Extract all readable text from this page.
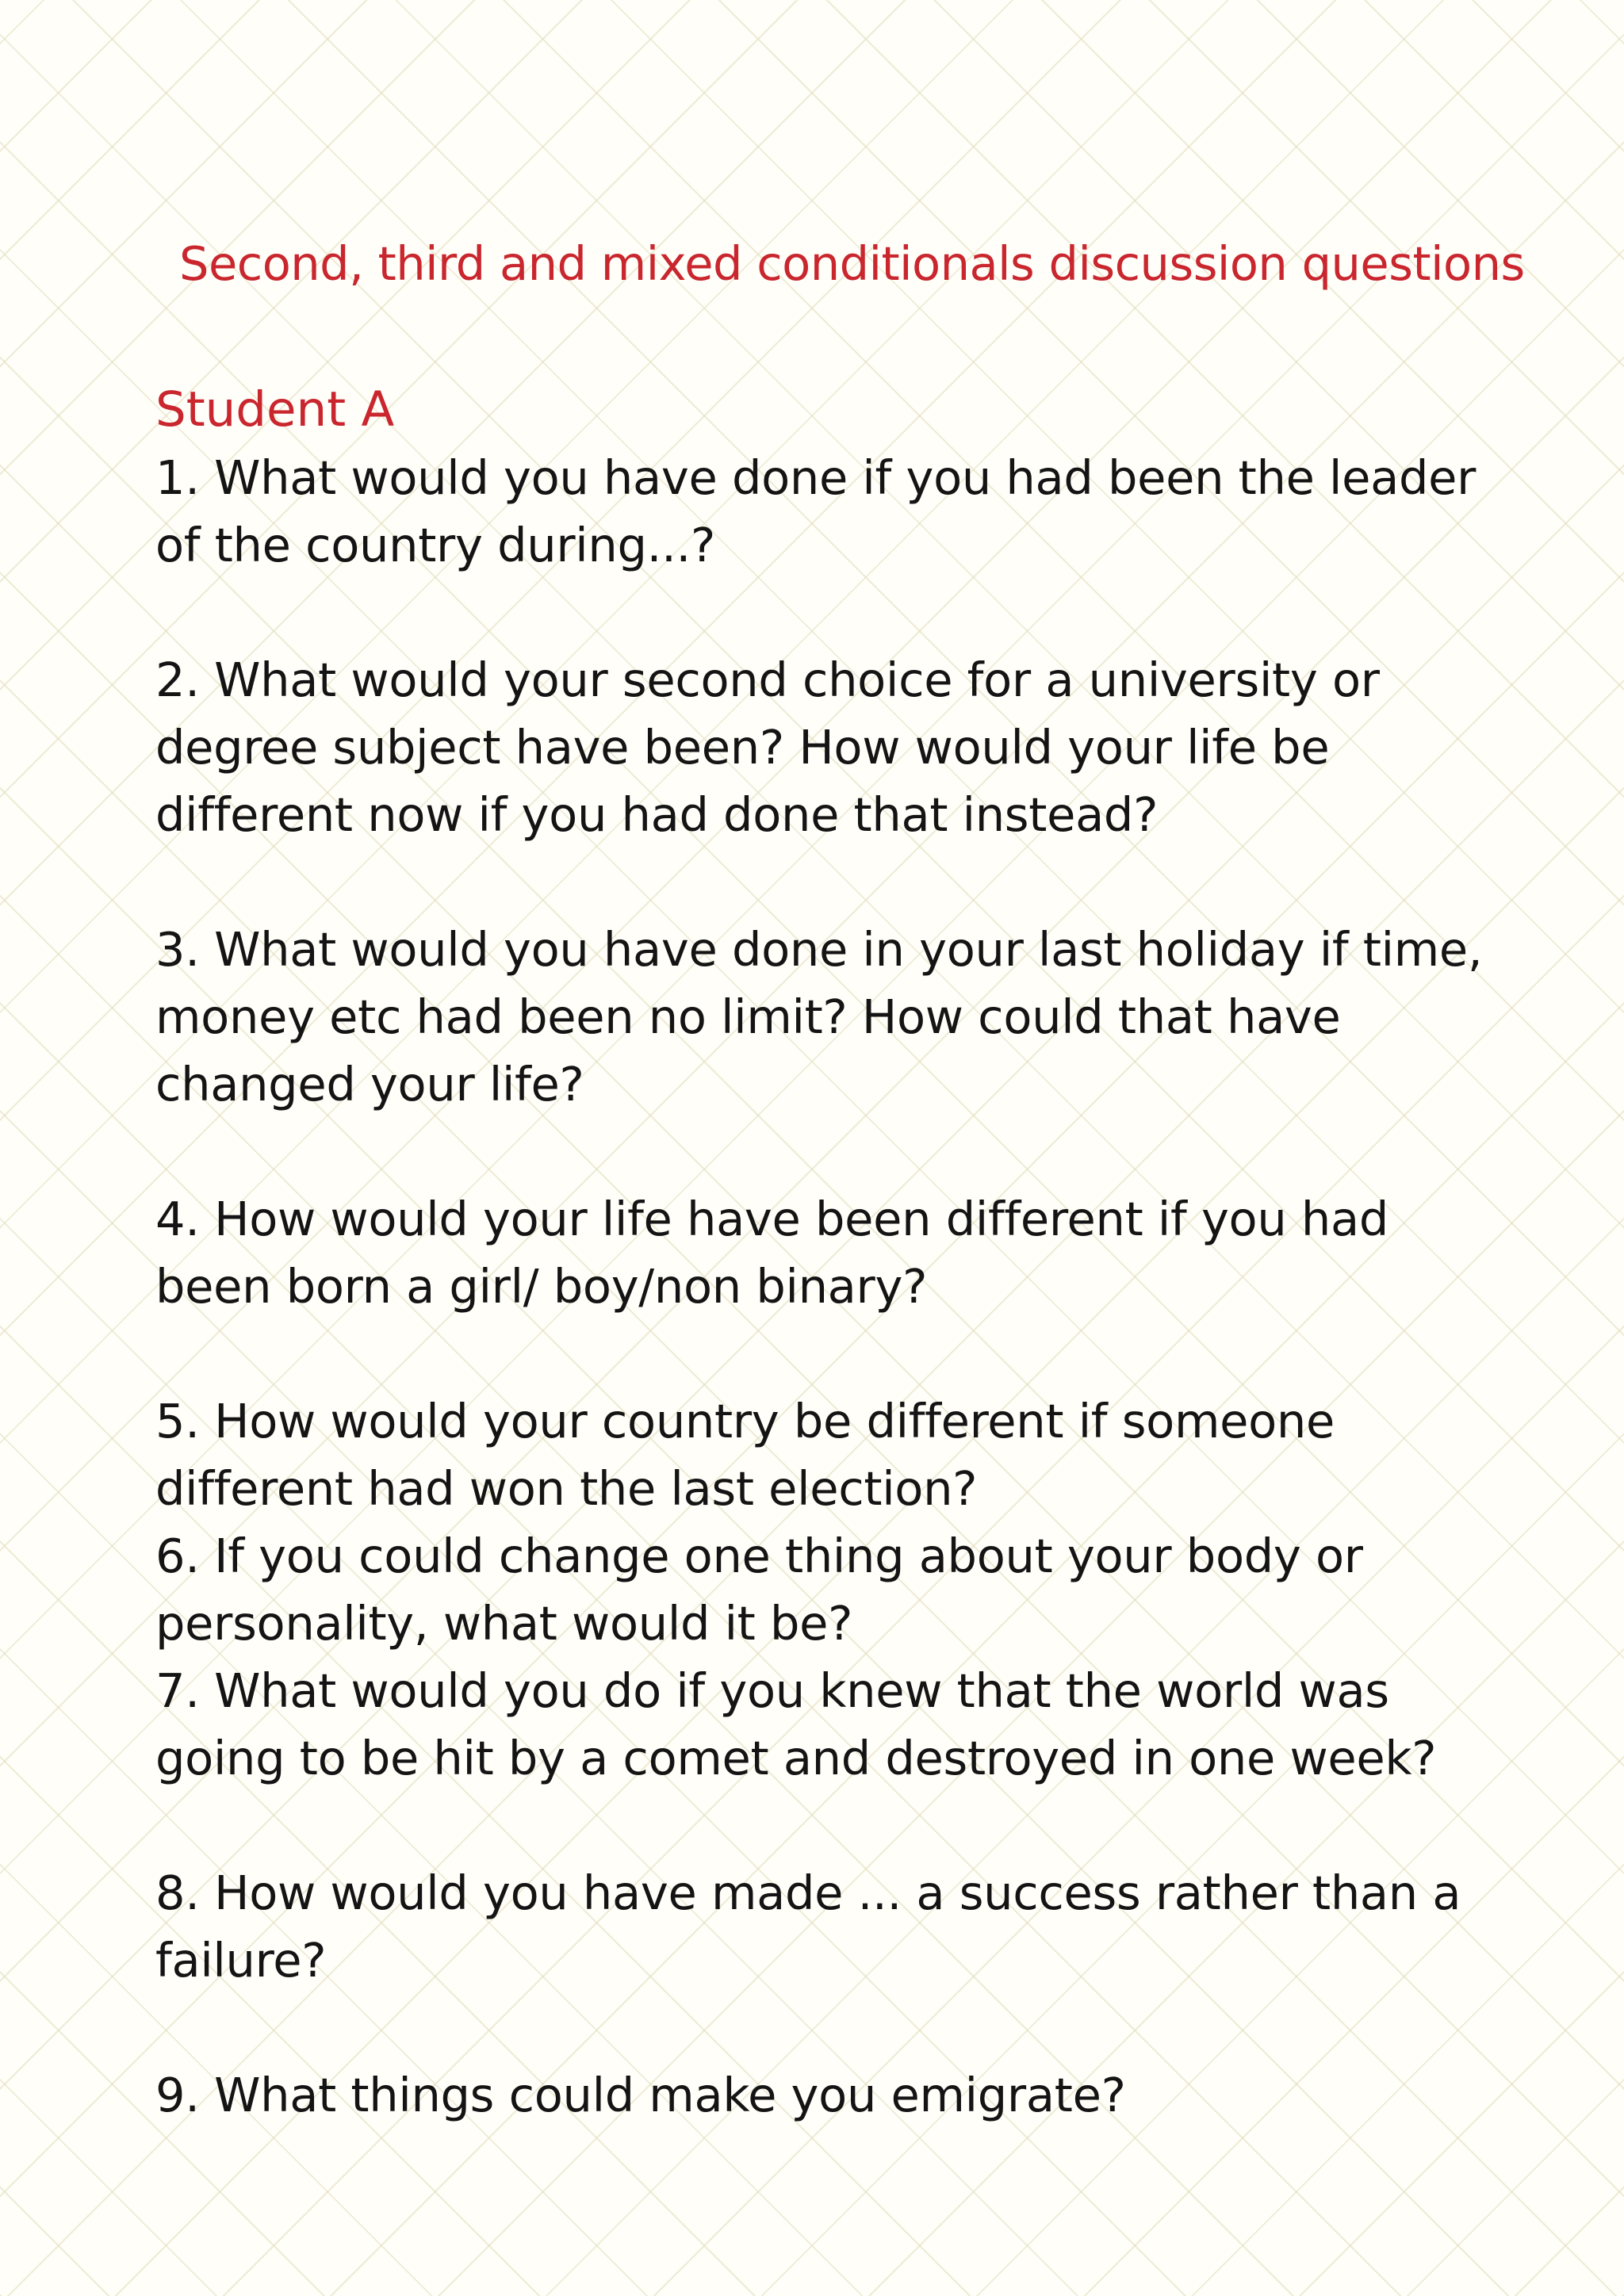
Second, third and mixed conditionals discussion questions
Student A

1. What would you have done if you had been the leader of the country during...?

2. What would your second choice for a university or degree subject have been? How would your life be different now if you had done that instead?

3. What would you have done in your last holiday if time, money etc had been no limit? How could that have changed your life?

4. How would your life have been different if you had been born a girl/ boy/non binary?

5. How would your country be different if someone different had won the last election?

6. If you could change one thing about your body or personality, what would it be?

7. What would you do if you knew that the world was going to be hit by a comet and destroyed in one week?

8. How would you have made ... a success rather than a failure?

9. What things could make you emigrate?
